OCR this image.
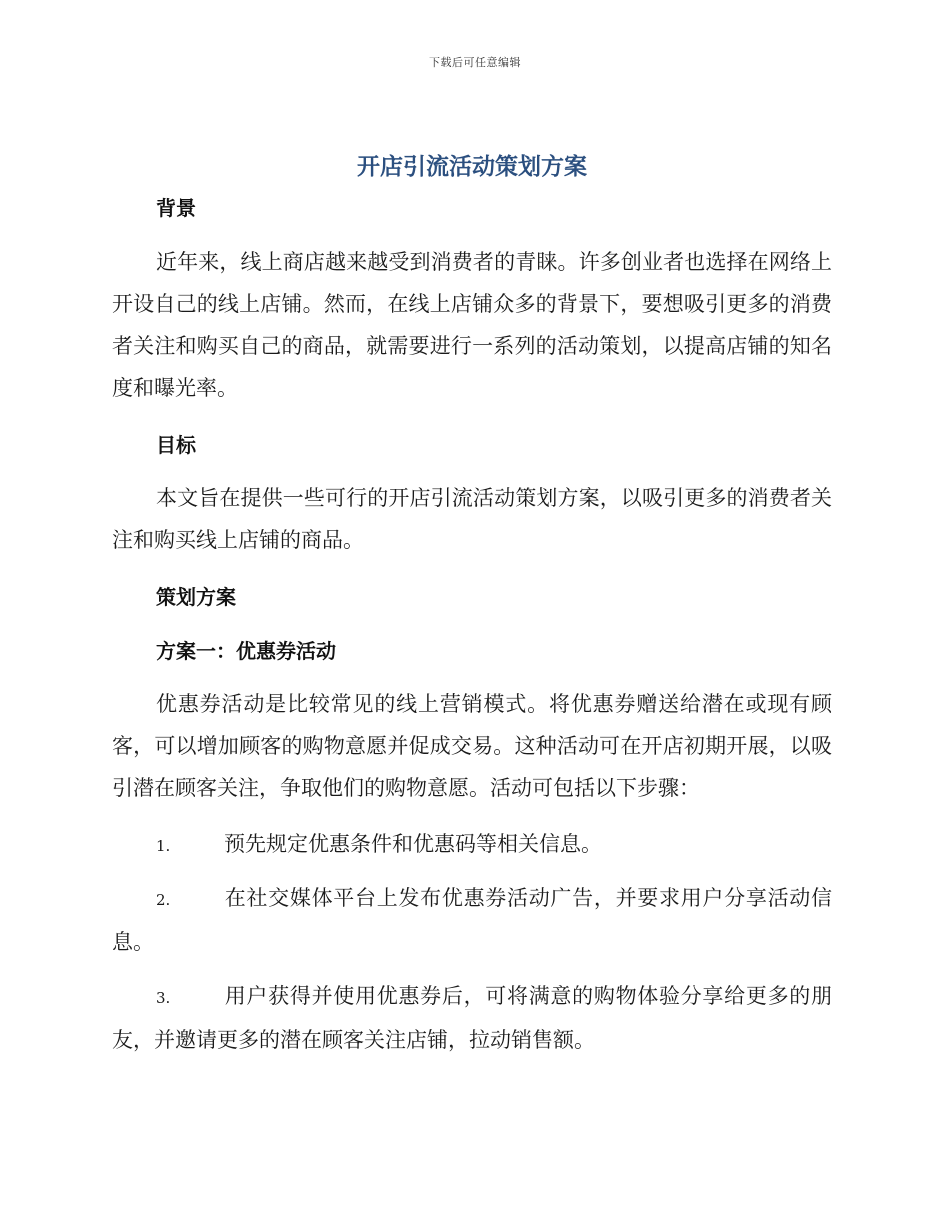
下载后可任意编辑
开店引流活动策划方案
背景

近年来，线上商店越来越受到消费者的青睐。许多创业者也选择在网络上开设自己的线上店铺。然而，在线上店铺众多的背景下，要想吸引更多的消费者关注和购买自己的商品，就需要进行一系列的活动策划，以提高店铺的知名度和曝光率。

目标

本文旨在提供一些可行的开店引流活动策划方案，以吸引更多的消费者关注和购买线上店铺的商品。

策划方案
方案一：优惠券活动

优惠券活动是比较常见的线上营销模式。将优惠券赠送给潜在或现有顾客，可以增加顾客的购物意愿并促成交易。这种活动可在开店初期开展，以吸引潜在顾客关注，争取他们的购物意愿。活动可包括以下步骤：

1.	预先规定优惠条件和优惠码等相关信息。

2.	在社交媒体平台上发布优惠券活动广告，并要求用户分享活动信息。

3.	用户获得并使用优惠券后，可将满意的购物体验分享给更多的朋友，并邀请更多的潜在顾客关注店铺，拉动销售额。
